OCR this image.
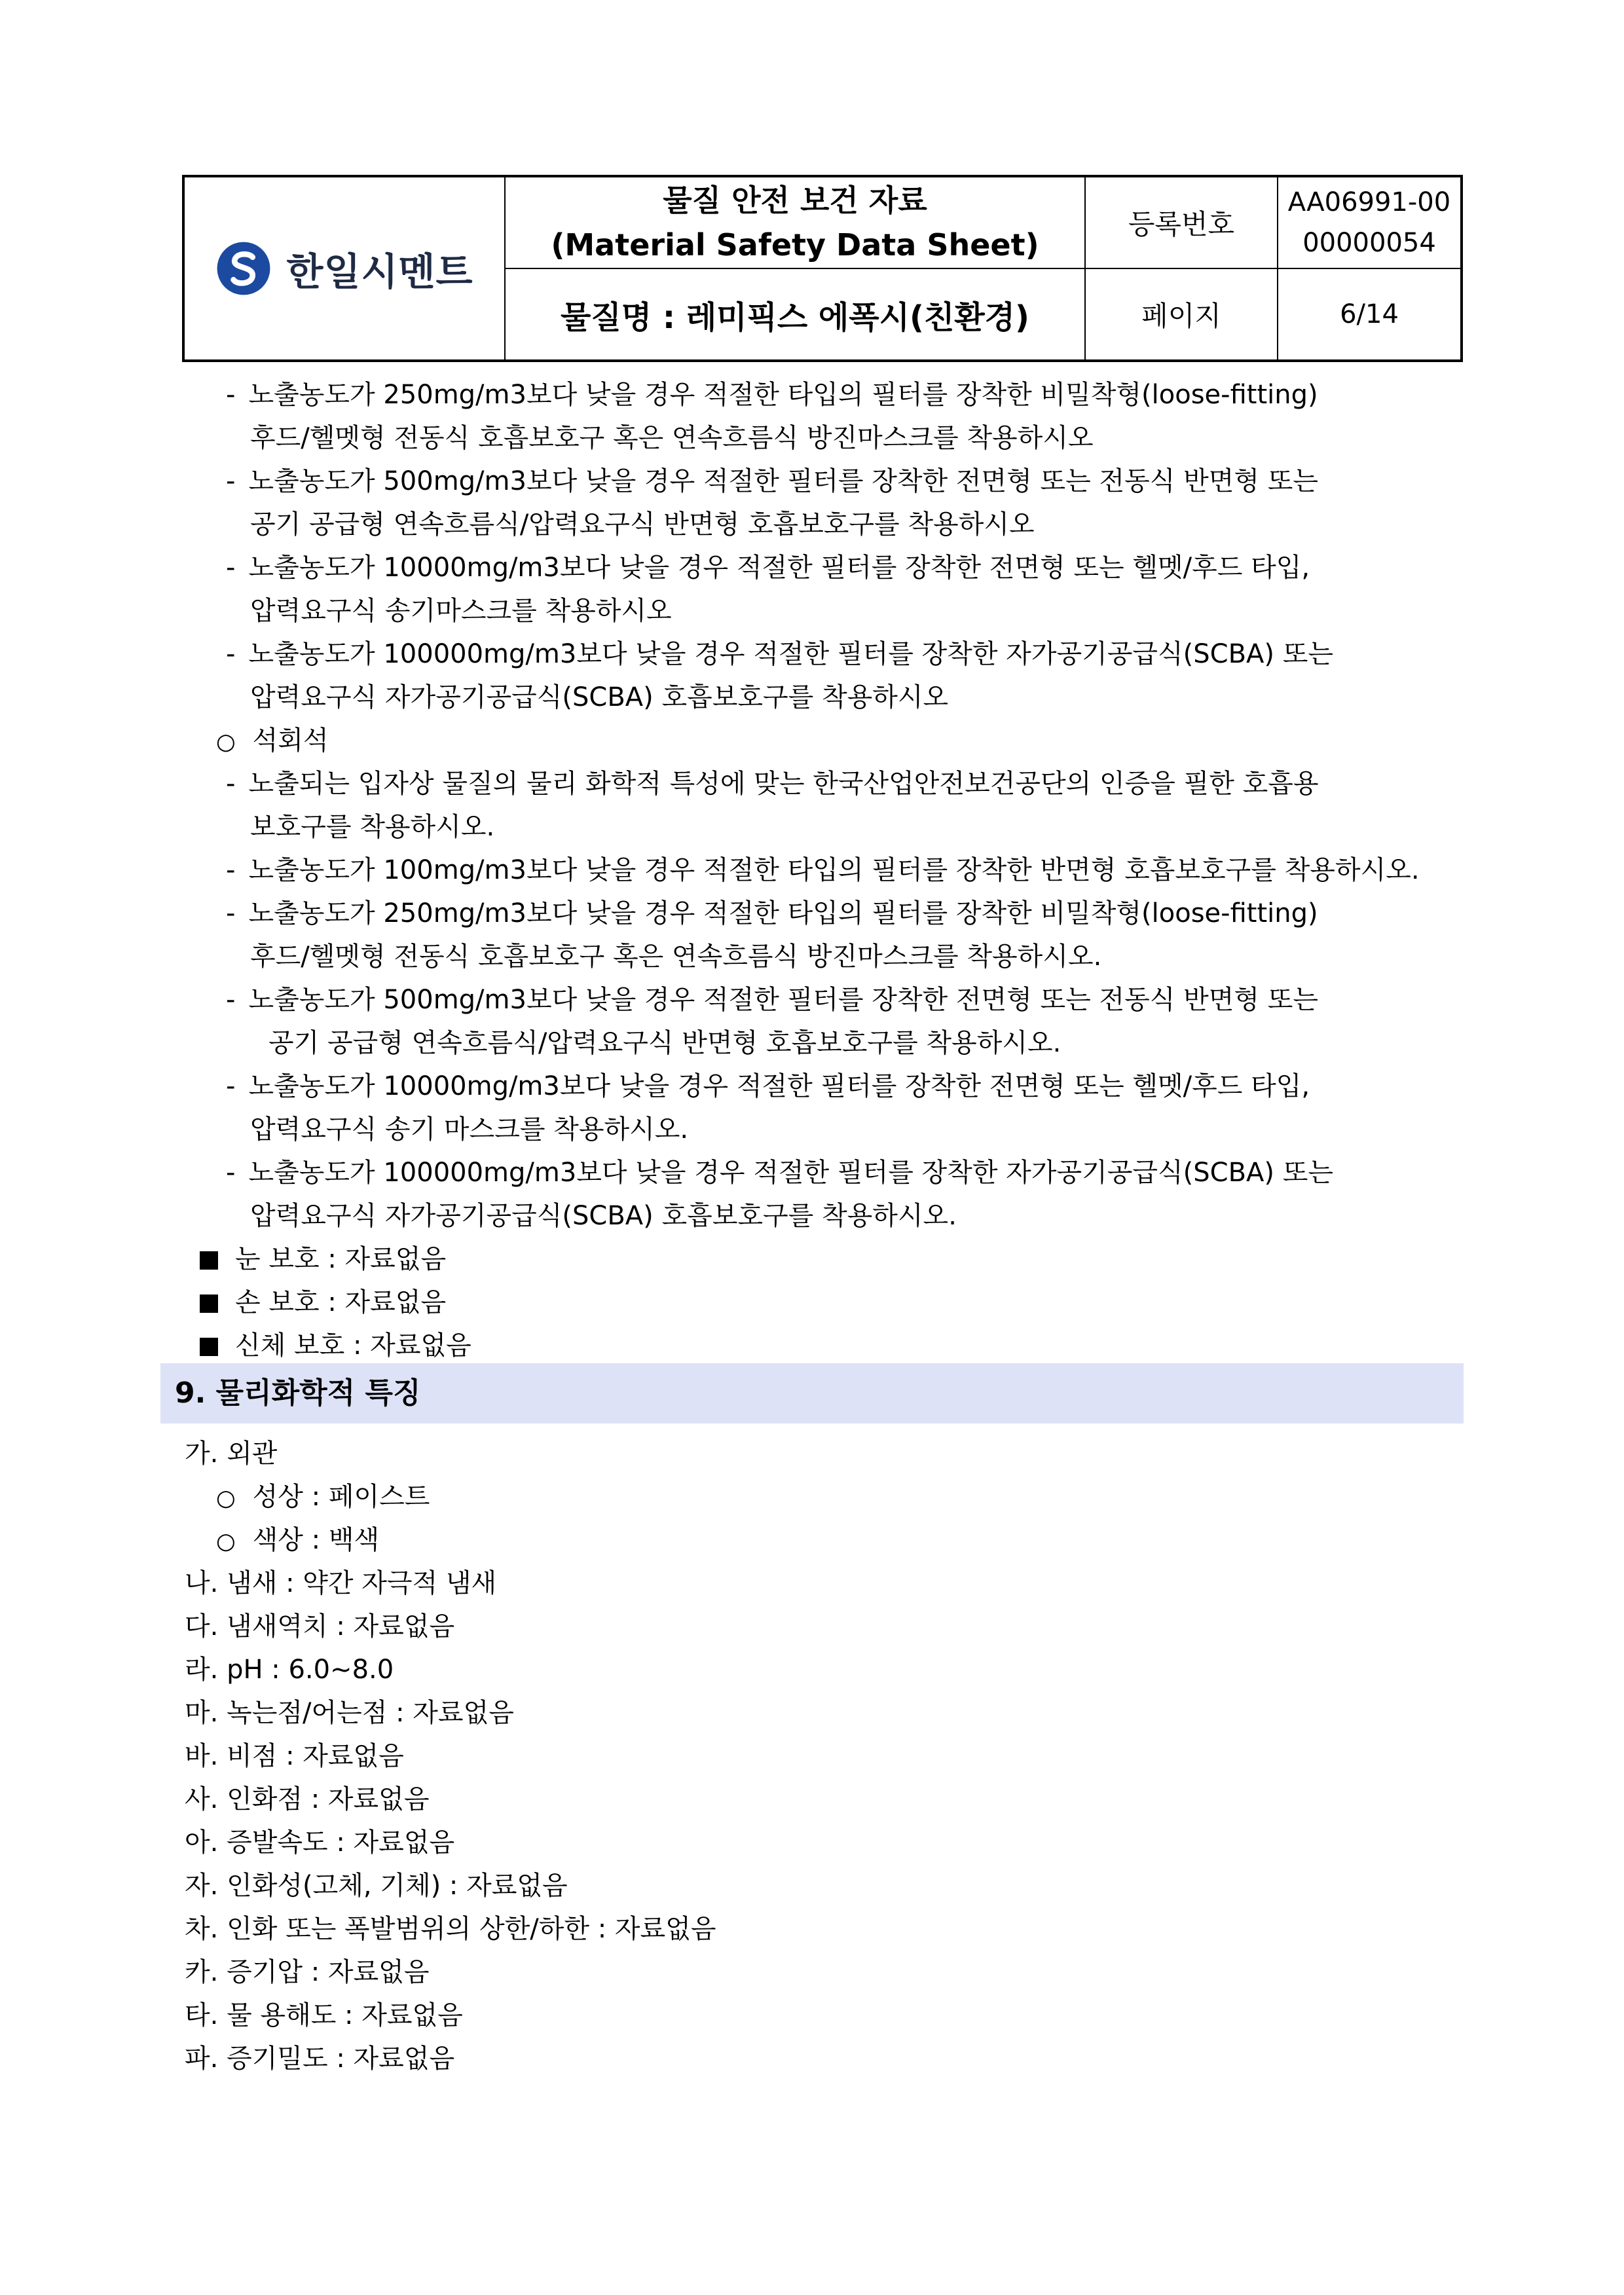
한일시멘트
물질 안전 보건 자료
(Material Safety Data Sheet)
등록번호
AA06991-00
00000054
물질명 : 레미픽스 에폭시(친환경)	페이지	6/14
- 노출농도가 250mg/m3보다 낮을 경우 적절한 타입의 필터를 장착한 비밀착형(loose-fitting)
후드/헬멧형 전동식 호흡보호구 혹은 연속흐름식 방진마스크를 착용하시오
- 노출농도가 500mg/m3보다 낮을 경우 적절한 필터를 장착한 전면형 또는 전동식 반면형 또는
공기 공급형 연속흐름식/압력요구식 반면형 호흡보호구를 착용하시오
- 노출농도가 10000mg/m3보다 낮을 경우 적절한 필터를 장착한 전면형 또는 헬멧/후드 타입,
압력요구식 송기마스크를 착용하시오
- 노출농도가 100000mg/m3보다 낮을 경우 적절한 필터를 장착한 자가공기공급식(SCBA) 또는
압력요구식 자가공기공급식(SCBA) 호흡보호구를 착용하시오
○ 석회석
- 노출되는 입자상 물질의 물리 화학적 특성에 맞는 한국산업안전보건공단의 인증을 필한 호흡용
보호구를 착용하시오.
- 노출농도가 100mg/m3보다 낮을 경우 적절한 타입의 필터를 장착한 반면형 호흡보호구를 착용하시오.
- 노출농도가 250mg/m3보다 낮을 경우 적절한 타입의 필터를 장착한 비밀착형(loose-fitting)
후드/헬멧형 전동식 호흡보호구 혹은 연속흐름식 방진마스크를 착용하시오.
- 노출농도가 500mg/m3보다 낮을 경우 적절한 필터를 장착한 전면형 또는 전동식 반면형 또는
공기 공급형 연속흐름식/압력요구식 반면형 호흡보호구를 착용하시오.
- 노출농도가 10000mg/m3보다 낮을 경우 적절한 필터를 장착한 전면형 또는 헬멧/후드 타입,
압력요구식 송기 마스크를 착용하시오.
- 노출농도가 100000mg/m3보다 낮을 경우 적절한 필터를 장착한 자가공기공급식(SCBA) 또는
압력요구식 자가공기공급식(SCBA) 호흡보호구를 착용하시오.
눈 보호 : 자료없음
손 보호 : 자료없음
신체 보호 : 자료없음
9. 물리화학적 특징
가. 외관
○ 성상 : 페이스트
○ 색상 : 백색
나. 냄새 : 약간 자극적 냄새
다. 냄새역치 : 자료없음
라. pH : 6.0~8.0
마. 녹는점/어는점 : 자료없음
바. 비점 : 자료없음
사. 인화점 : 자료없음
아. 증발속도 : 자료없음
자. 인화성(고체, 기체) : 자료없음
차. 인화 또는 폭발범위의 상한/하한 : 자료없음
카. 증기압 : 자료없음
타. 물 용해도 : 자료없음
파. 증기밀도 : 자료없음
